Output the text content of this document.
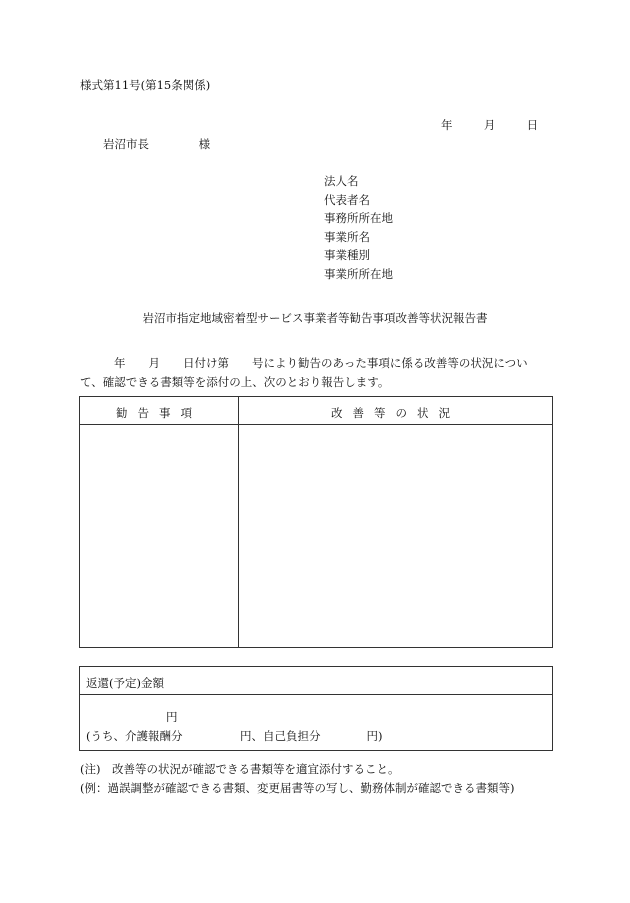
様式第11号(第15条関係)
年	月	日
岩沼市長	様
法人名
代表者名
事務所所在地
事業所名
事業種別
事業所所在地
岩沼市指定地域密着型サービス事業者等勧告事項改善等状況報告書
年　　月　　日付け第　　号により勧告のあった事項に係る改善等の状況につい
て、確認できる書類等を添付の上、次のとおり報告します。
勧告事項	改善等の状況
返還(予定)金額
円
(うち、介護報酬分　　　　　円、自己負担分　　　　円)
(注)　改善等の状況が確認できる書類等を適宜添付すること。
(例：過誤調整が確認できる書類、変更届書等の写し、勤務体制が確認できる書類等)
